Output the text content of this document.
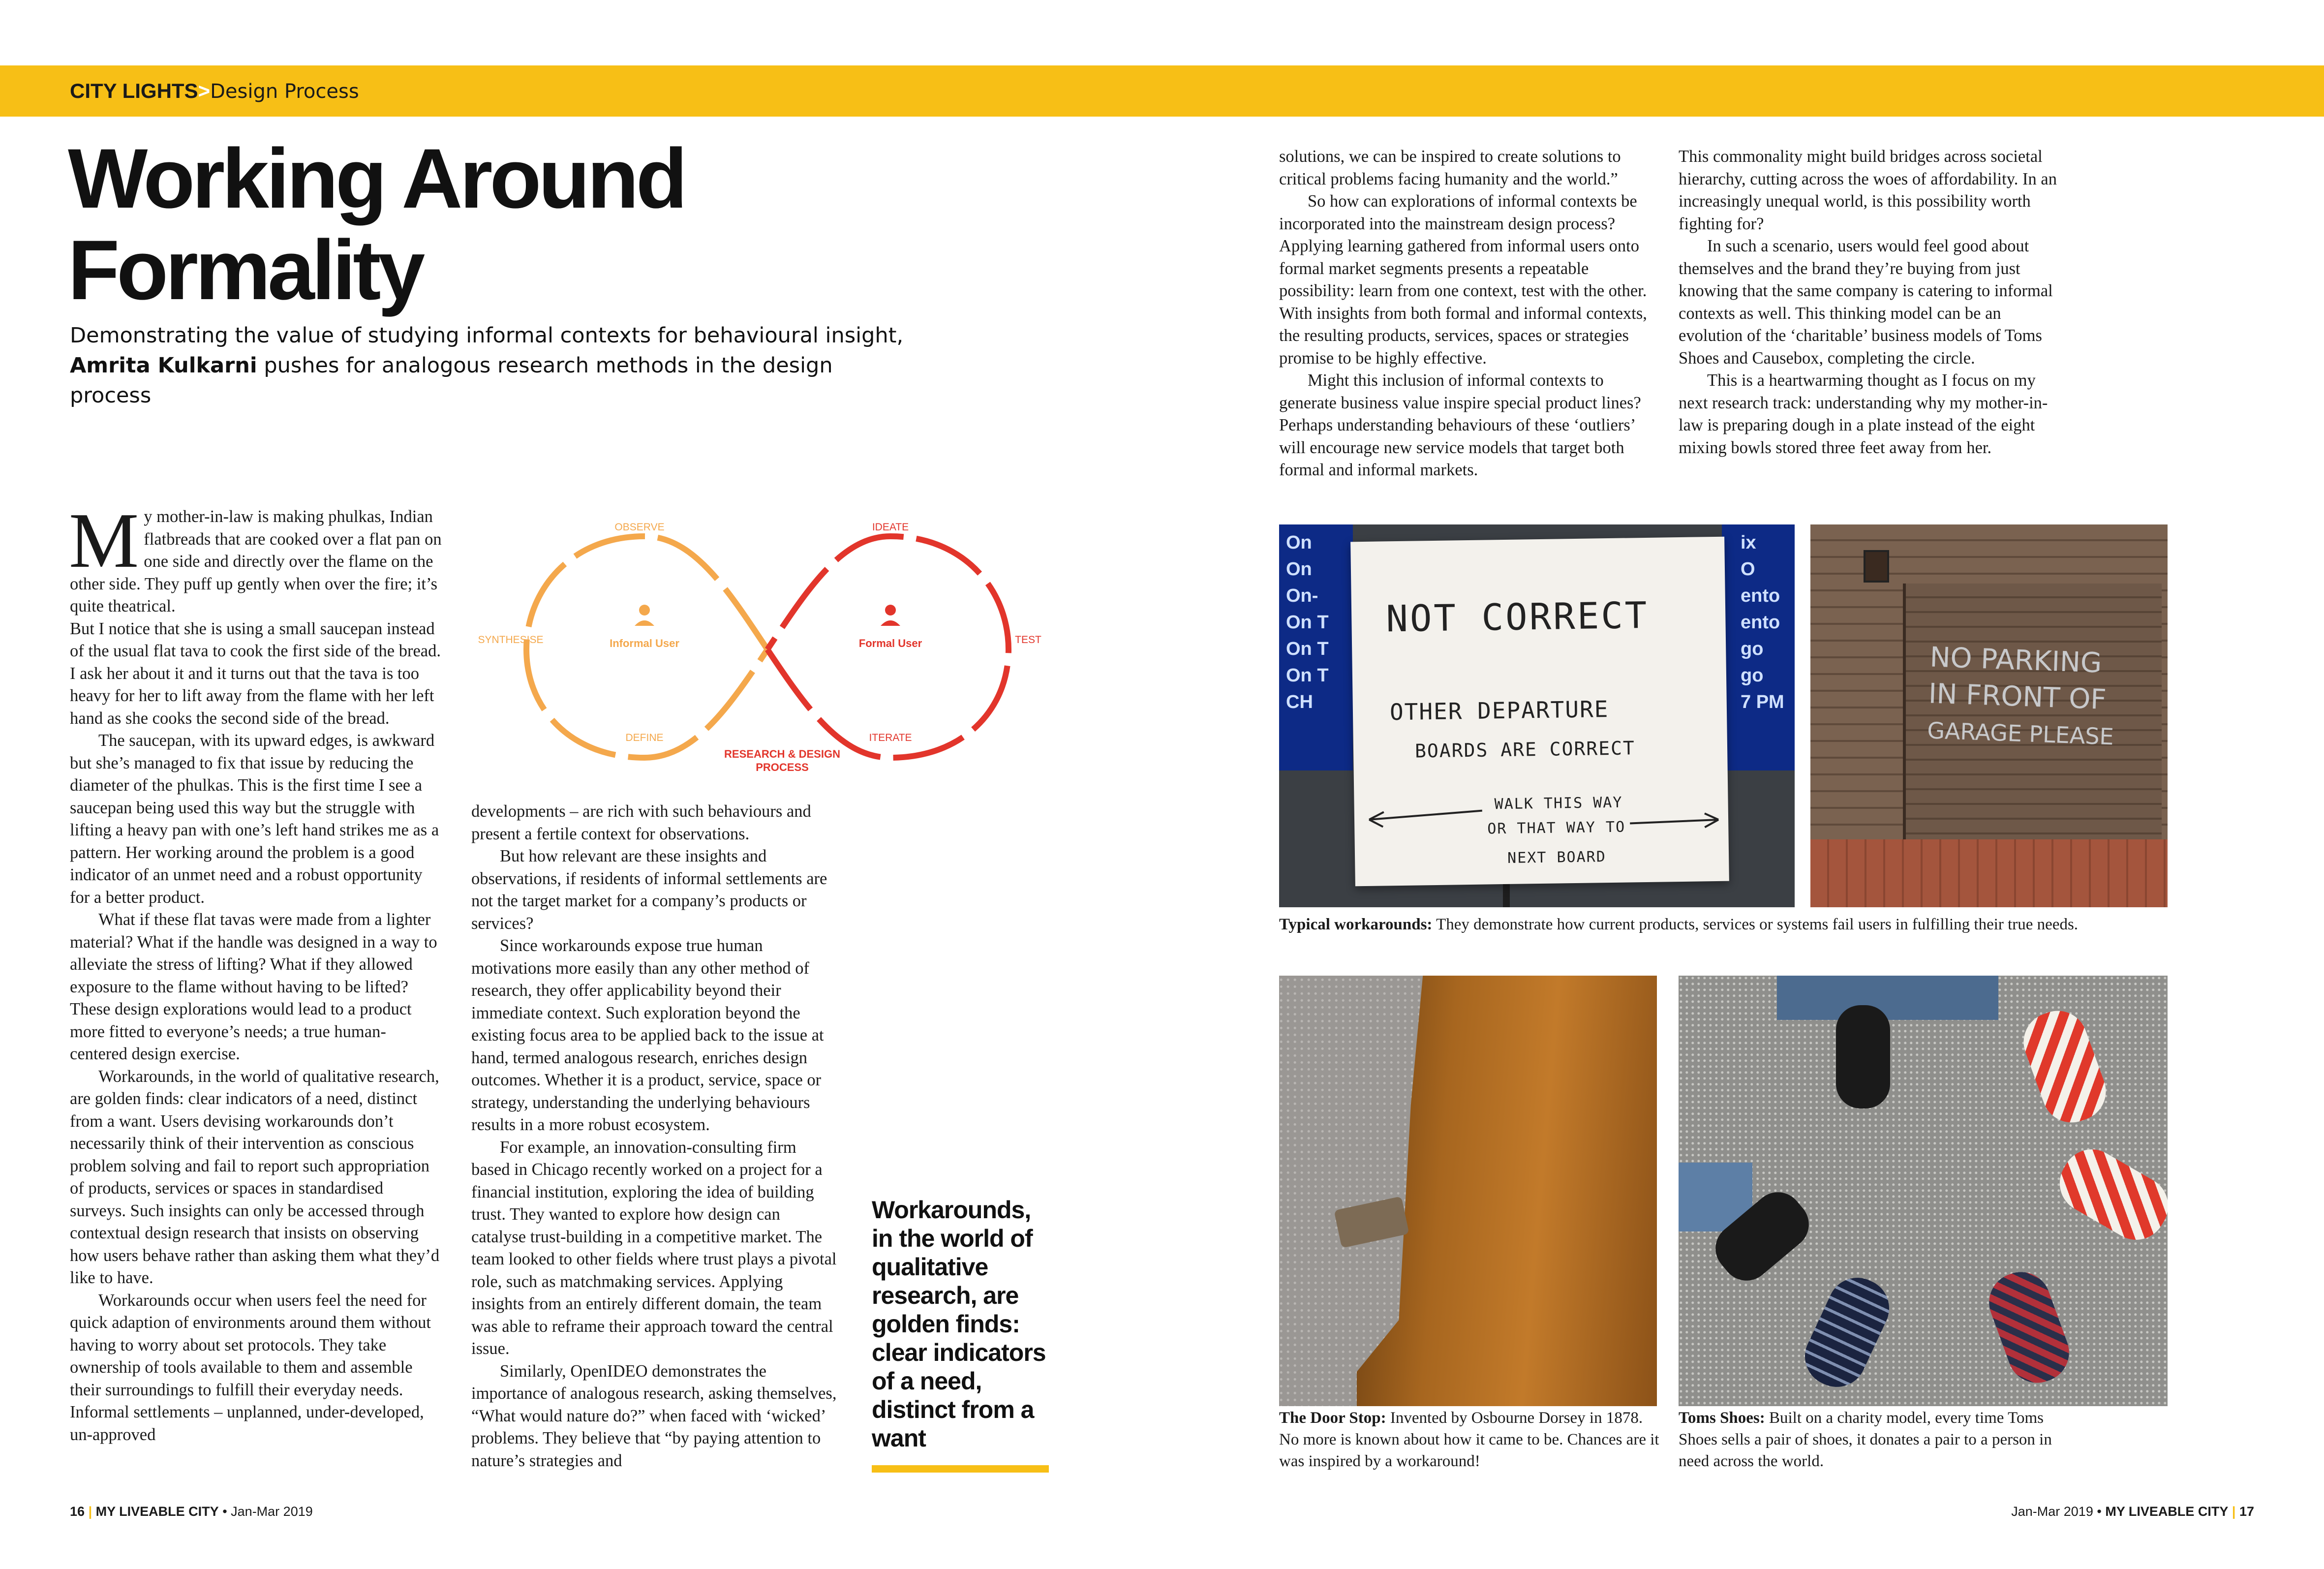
CITY LIGHTS>Design Process
Working Around
Formality

Demonstrating the value of studying informal contexts for behavioural insight,
Amrita Kulkarni pushes for analogous research methods in the design process

Informal User	Formal User
OBSERVE
SYNTHESISE
DEFINE
IDEATE
TEST
ITERATE
RESEARCH & DESIGN
PROCESS

My mother-in-law is making phulkas, Indian flatbreads that are cooked over a flat pan on one side and directly over the flame on the other side. They puff up gently when over the fire; it’s quite theatrical.

But I notice that she is using a small saucepan instead of the usual flat tava to cook the first side of the bread. I ask her about it and it turns out that the tava is too heavy for her to lift away from the flame with her left hand as she cooks the second side of the bread.

The saucepan, with its upward edges, is awkward but she’s managed to fix that issue by reducing the diameter of the phulkas. This is the first time I see a saucepan being used this way but the struggle with lifting a heavy pan with one’s left hand strikes me as a pattern. Her working around the problem is a good indicator of an unmet need and a robust opportunity for a better product.

What if these flat tavas were made from a lighter material? What if the handle was designed in a way to alleviate the stress of lifting? What if they allowed exposure to the flame without having to be lifted? These design explorations would lead to a product more fitted to everyone’s needs; a true human-centered design exercise.

Workarounds, in the world of qualitative research, are golden finds: clear indicators of a need, distinct from a want. Users devising workarounds don’t necessarily think of their intervention as conscious problem solving and fail to report such appropriation of products, services or spaces in standardised surveys. Such insights can only be accessed through contextual design research that insists on observing how users behave rather than asking them what they’d like to have.

Workarounds occur when users feel the need for quick adaption of environments around them without having to worry about set protocols. They take ownership of tools available to them and assemble their surroundings to fulfill their everyday needs. Informal settlements – unplanned, under-developed, un-approved

developments – are rich with such behaviours and present a fertile context for observations.

But how relevant are these insights and observations, if residents of informal settlements are not the target market for a company’s products or services?

Since workarounds expose true human motivations more easily than any other method of research, they offer applicability beyond their immediate context. Such exploration beyond the existing focus area to be applied back to the issue at hand, termed analogous research, enriches design outcomes. Whether it is a product, service, space or strategy, understanding the underlying behaviours results in a more robust ecosystem.

For example, an innovation-consulting firm based in Chicago recently worked on a project for a financial institution, exploring the idea of building trust. They wanted to explore how design can catalyse trust-building in a competitive market. The team looked to other fields where trust plays a pivotal role, such as matchmaking services. Applying insights from an entirely different domain, the team was able to reframe their approach toward the central issue.

Similarly, OpenIDEO demonstrates the importance of analogous research, asking themselves, “What would nature do?” when faced with ‘wicked’ problems. They believe that “by paying attention to nature’s strategies and

Workarounds, in the world of qualitative research, are golden finds: clear indicators of a need, distinct from a want

solutions, we can be inspired to create solutions to critical problems facing humanity and the world.”

So how can explorations of informal contexts be incorporated into the mainstream design process? Applying learning gathered from informal users onto formal market segments presents a repeatable possibility: learn from one context, test with the other. With insights from both formal and informal contexts, the resulting products, services, spaces or strategies promise to be highly effective.

Might this inclusion of informal contexts to generate business value inspire special product lines? Perhaps understanding behaviours of these ‘outliers’ will encourage new service models that target both formal and informal markets.

This commonality might build bridges across societal hierarchy, cutting across the woes of affordability. In an increasingly unequal world, is this possibility worth fighting for?

In such a scenario, users would feel good about themselves and the brand they’re buying from just knowing that the same company is catering to informal contexts as well. This thinking model can be an evolution of the ‘charitable’ business models of Toms Shoes and Causebox, completing the circle.

This is a heartwarming thought as I focus on my next research track: understanding why my mother-in-law is preparing dough in a plate instead of the eight mixing bowls stored three feet away from her.

On
On
On-
On T
On T
On T
CH
ix
O
ento
ento
go
go
7 PM
NOT CORRECT
OTHER DEPARTURE
BOARDS ARE CORRECT
WALK THIS WAY
OR THAT WAY TO
NEXT BOARD
NO PARKING
IN FRONT OF
GARAGE PLEASE

Typical workarounds: They demonstrate how current products, services or systems fail users in fulfilling their true needs.

The Door Stop: Invented by Osbourne Dorsey in 1878. No more is known about how it came to be. Chances are it was inspired by a workaround!

Toms Shoes: Built on a charity model, every time Toms Shoes sells a pair of shoes, it donates a pair to a person in need across the world.

16 | MY LIVEABLE CITY • Jan-Mar 2019	Jan-Mar 2019 • MY LIVEABLE CITY | 17
